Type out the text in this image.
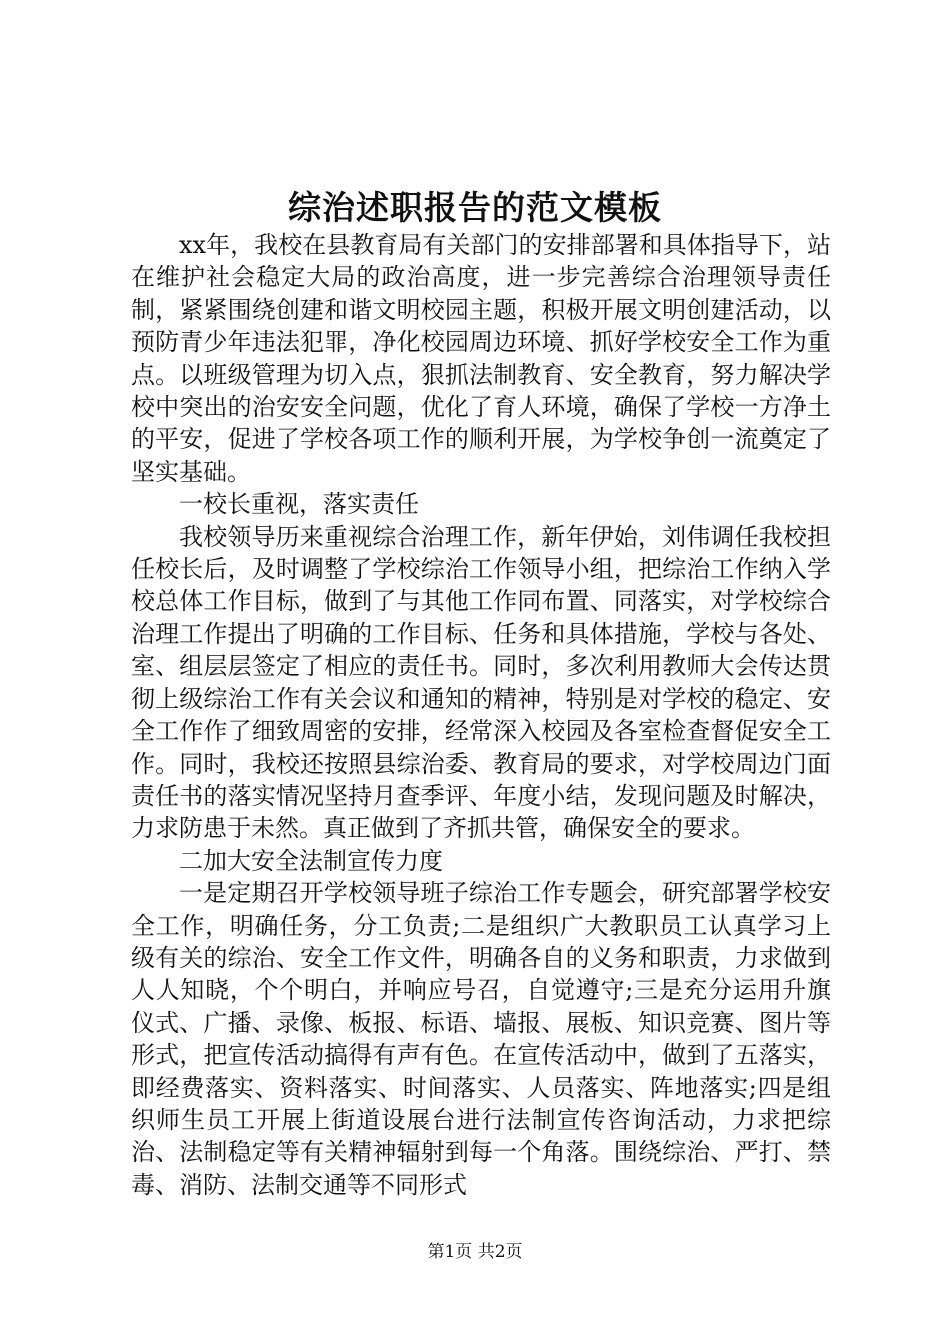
综治述职报告的范文模板

xx年，我校在县教育局有关部门的安排部署和具体指导下，站在维护社会稳定大局的政治高度，进一步完善综合治理领导责任制，紧紧围绕创建和谐文明校园主题，积极开展文明创建活动，以预防青少年违法犯罪，净化校园周边环境、抓好学校安全工作为重点。以班级管理为切入点，狠抓法制教育、安全教育，努力解决学校中突出的治安安全问题，优化了育人环境，确保了学校一方净土的平安，促进了学校各项工作的顺利开展，为学校争创一流奠定了坚实基础。

一校长重视，落实责任

我校领导历来重视综合治理工作，新年伊始，刘伟调任我校担任校长后，及时调整了学校综治工作领导小组，把综治工作纳入学校总体工作目标，做到了与其他工作同布置、同落实，对学校综合治理工作提出了明确的工作目标、任务和具体措施，学校与各处、室、组层层签定了相应的责任书。同时，多次利用教师大会传达贯彻上级综治工作有关会议和通知的精神，特别是对学校的稳定、安全工作作了细致周密的安排，经常深入校园及各室检查督促安全工作。同时，我校还按照县综治委、教育局的要求，对学校周边门面责任书的落实情况坚持月查季评、年度小结，发现问题及时解决，力求防患于未然。真正做到了齐抓共管，确保安全的要求。

二加大安全法制宣传力度

一是定期召开学校领导班子综治工作专题会，研究部署学校安全工作，明确任务，分工负责;二是组织广大教职员工认真学习上级有关的综治、安全工作文件，明确各自的义务和职责，力求做到人人知晓，个个明白，并响应号召，自觉遵守;三是充分运用升旗仪式、广播、录像、板报、标语、墙报、展板、知识竞赛、图片等形式，把宣传活动搞得有声有色。在宣传活动中，做到了五落实，即经费落实、资料落实、时间落实、人员落实、阵地落实;四是组织师生员工开展上街道设展台进行法制宣传咨询活动，力求把综治、法制稳定等有关精神辐射到每一个角落。围绕综治、严打、禁毒、消防、法制交通等不同形式

第1页 共2页
